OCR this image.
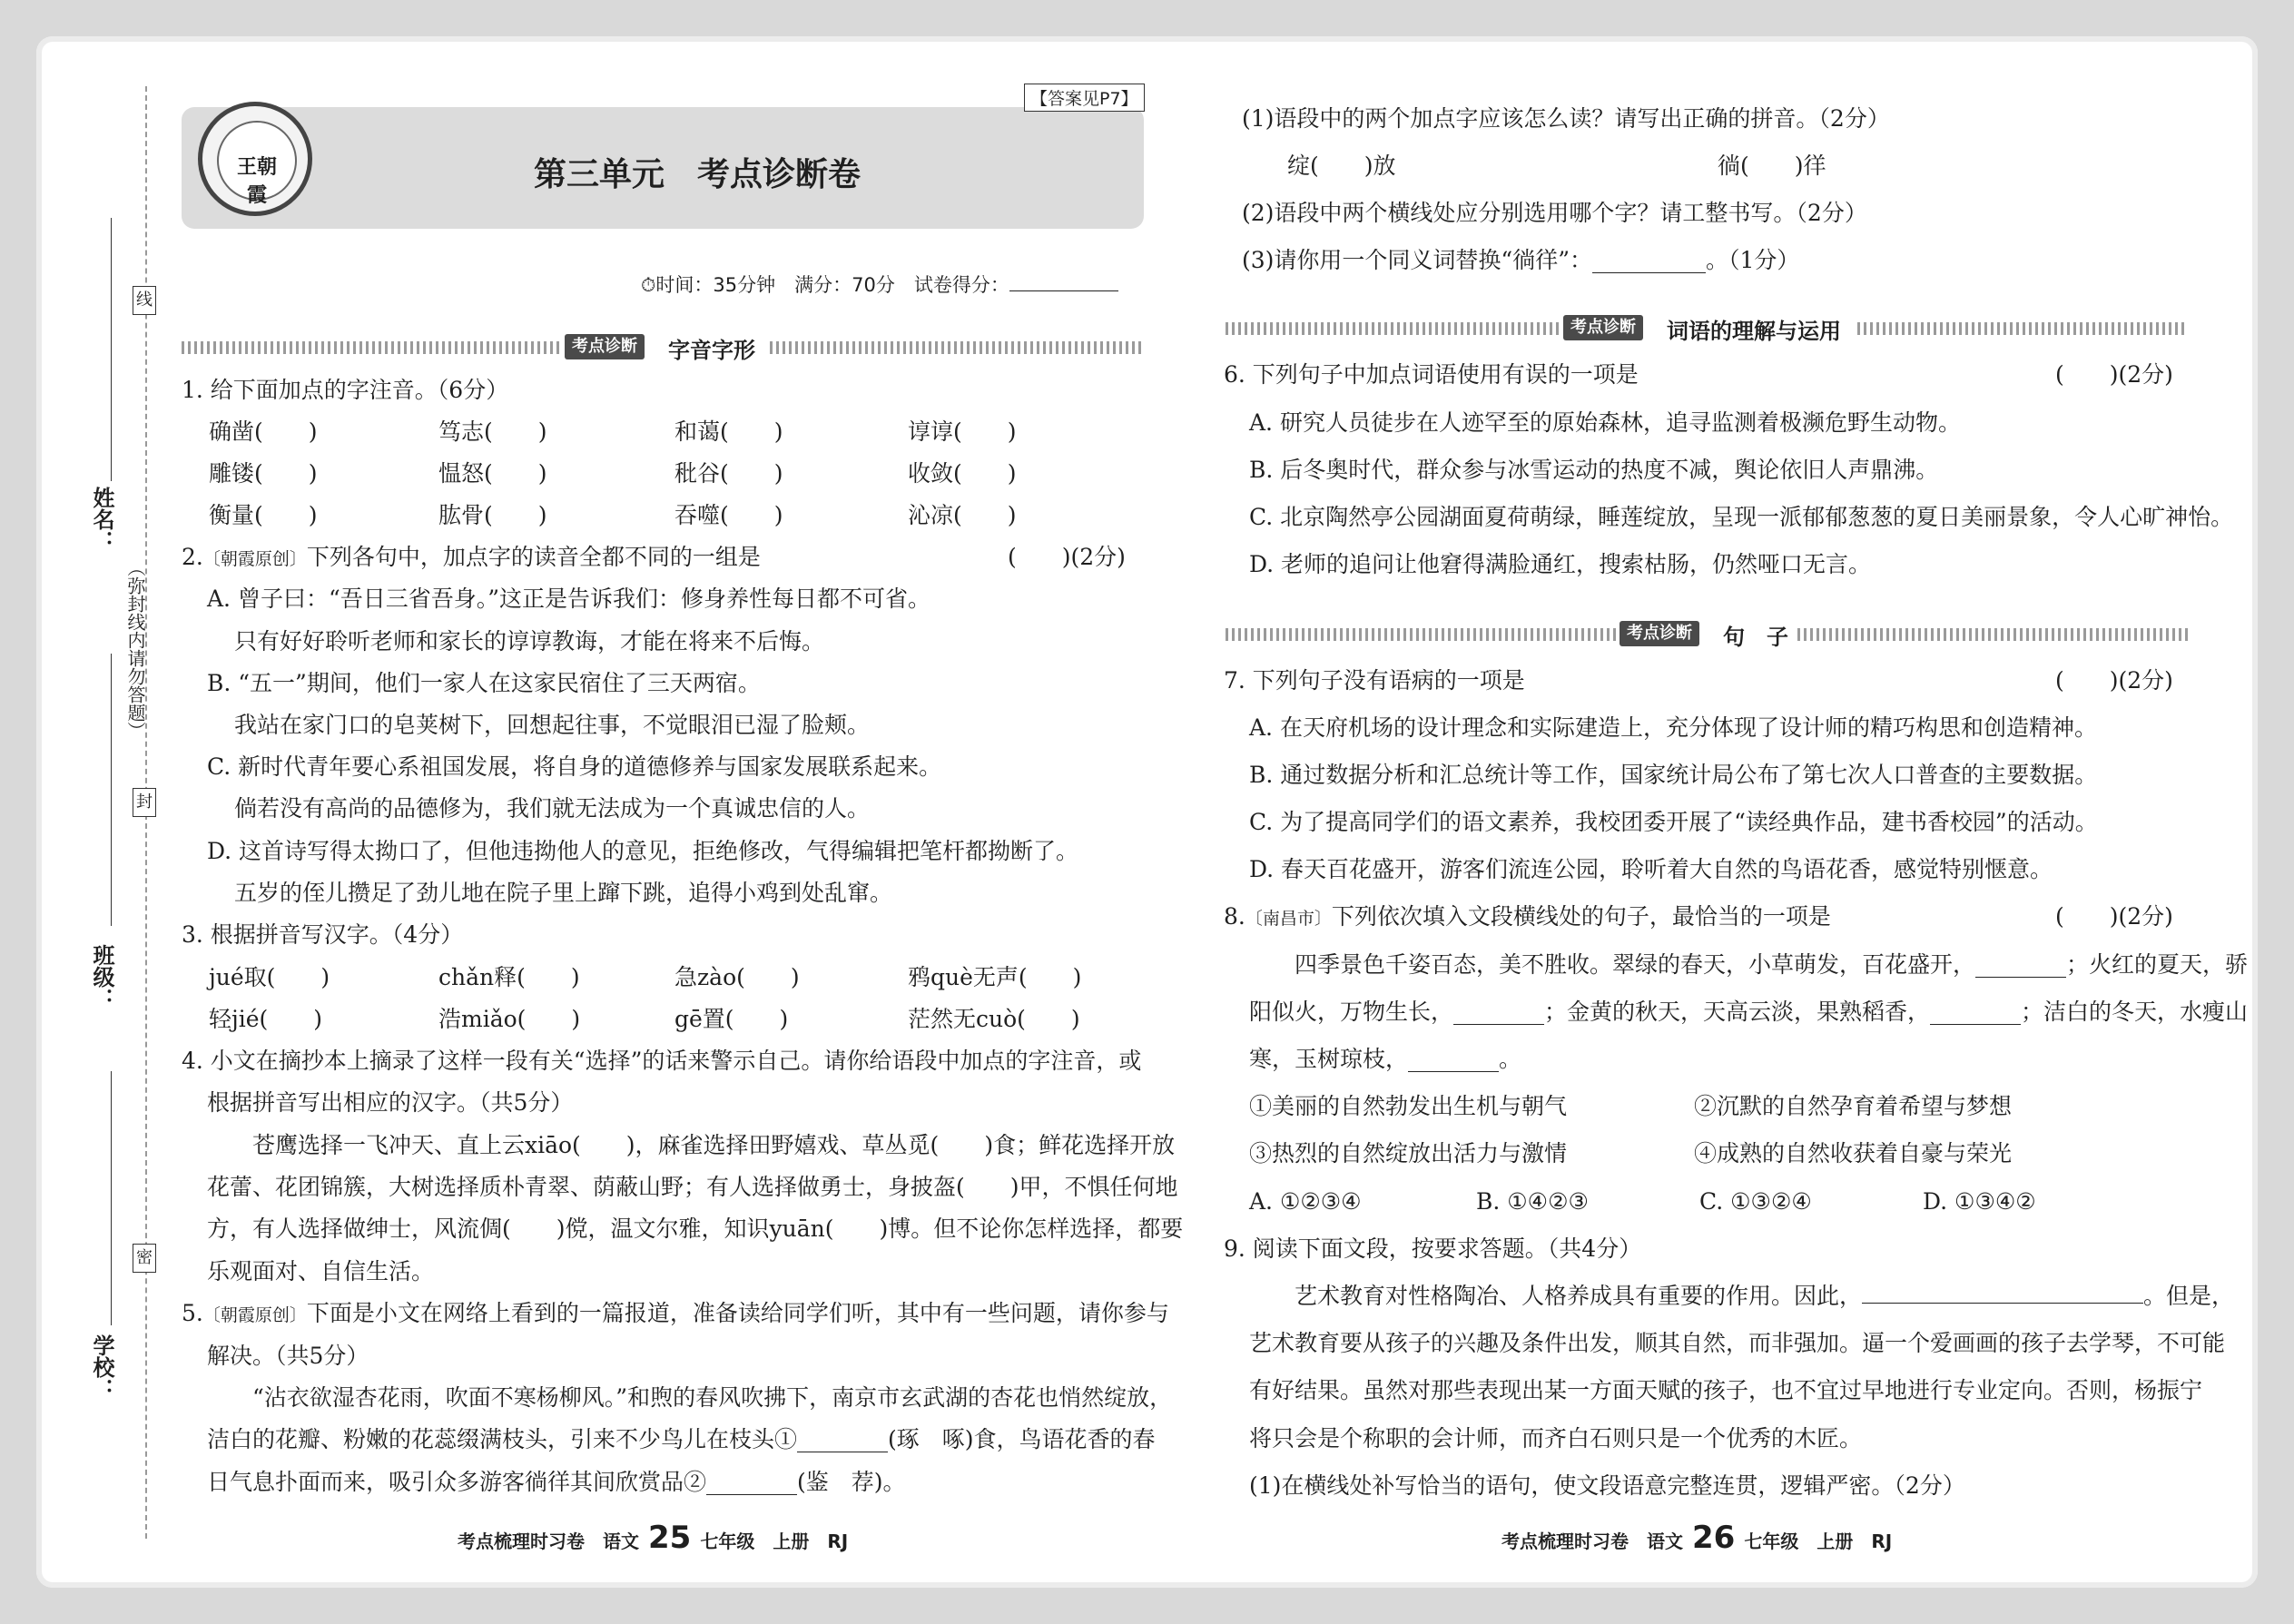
线
封
密
（弥封线内请勿答题）
姓名：
班级：
学校：
王朝霞
【答案见P7】
第三单元　考点诊断卷
⏱时间：35分钟　满分：70分　试卷得分：
考点诊断	字音字形
1. 给下面加点的字注音。（6分）
确凿(　　)	笃志(　　)	和蔼(　　)	谆谆(　　)
雕镂(　　)	愠怒(　　)	秕谷(　　)	收敛(　　)
衡量(　　)	肱骨(　　)	吞噬(　　)	沁凉(　　)
2.〔朝霞原创〕下列各句中，加点字的读音全都不同的一组是	(　　)(2分)
A. 曾子曰：“吾日三省吾身。”这正是告诉我们：修身养性每日都不可省。
只有好好聆听老师和家长的谆谆教诲，才能在将来不后悔。
B. “五一”期间，他们一家人在这家民宿住了三天两宿。
我站在家门口的皂荚树下，回想起往事，不觉眼泪已湿了脸颊。
C. 新时代青年要心系祖国发展，将自身的道德修养与国家发展联系起来。
倘若没有高尚的品德修为，我们就无法成为一个真诚忠信的人。
D. 这首诗写得太拗口了，但他违拗他人的意见，拒绝修改，气得编辑把笔杆都拗断了。
五岁的侄儿攒足了劲儿地在院子里上蹿下跳，追得小鸡到处乱窜。
3. 根据拼音写汉字。（4分）
jué取(　　)	chǎn释(　　)	急zào(　　)	鸦què无声(　　)
轻jié(　　)	浩miǎo(　　)	gē置(　　)	茫然无cuò(　　)
4. 小文在摘抄本上摘录了这样一段有关“选择”的话来警示自己。请你给语段中加点的字注音，或
根据拼音写出相应的汉字。（共5分）
苍鹰选择一飞冲天、直上云xiāo(　　)，麻雀选择田野嬉戏、草丛觅(　　)食；鲜花选择开放
花蕾、花团锦簇，大树选择质朴青翠、荫蔽山野；有人选择做勇士，身披盔(　　)甲，不惧任何地
方，有人选择做绅士，风流倜(　　)傥，温文尔雅，知识yuān(　　)博。但不论你怎样选择，都要
乐观面对、自信生活。
5.〔朝霞原创〕下面是小文在网络上看到的一篇报道，准备读给同学们听，其中有一些问题，请你参与
解决。（共5分）
“沾衣欲湿杏花雨，吹面不寒杨柳风。”和煦的春风吹拂下，南京市玄武湖的杏花也悄然绽放，
洁白的花瓣、粉嫩的花蕊缀满枝头，引来不少鸟儿在枝头①________(琢　啄)食，鸟语花香的春
日气息扑面而来，吸引众多游客徜徉其间欣赏品②________(鉴　荐)。
考点梳理时习卷　语文 25 七年级　上册　RJ
(1)语段中的两个加点字应该怎么读？请写出正确的拼音。（2分）
绽(　　)放	徜(　　)徉
(2)语段中两个横线处应分别选用哪个字？请工整书写。（2分）
(3)请你用一个同义词替换“徜徉”：__________。（1分）
考点诊断	词语的理解与运用
6. 下列句子中加点词语使用有误的一项是	(　　)(2分)
A. 研究人员徒步在人迹罕至的原始森林，追寻监测着极濒危野生动物。
B. 后冬奥时代，群众参与冰雪运动的热度不减，舆论依旧人声鼎沸。
C. 北京陶然亭公园湖面夏荷萌绿，睡莲绽放，呈现一派郁郁葱葱的夏日美丽景象，令人心旷神怡。
D. 老师的追问让他窘得满脸通红，搜索枯肠，仍然哑口无言。
考点诊断	句　子
7. 下列句子没有语病的一项是	(　　)(2分)
A. 在天府机场的设计理念和实际建造上，充分体现了设计师的精巧构思和创造精神。
B. 通过数据分析和汇总统计等工作，国家统计局公布了第七次人口普查的主要数据。
C. 为了提高同学们的语文素养，我校团委开展了“读经典作品，建书香校园”的活动。
D. 春天百花盛开，游客们流连公园，聆听着大自然的鸟语花香，感觉特别惬意。
8.〔南昌市〕下列依次填入文段横线处的句子，最恰当的一项是	(　　)(2分)
四季景色千姿百态，美不胜收。翠绿的春天，小草萌发，百花盛开，________；火红的夏天，骄
阳似火，万物生长，________；金黄的秋天，天高云淡，果熟稻香，________；洁白的冬天，水瘦山
寒，玉树琼枝，________。
①美丽的自然勃发出生机与朝气	②沉默的自然孕育着希望与梦想
③热烈的自然绽放出活力与激情	④成熟的自然收获着自豪与荣光
A. ①②③④	B. ①④②③	C. ①③②④	D. ①③④②
9. 阅读下面文段，按要求答题。（共4分）
艺术教育对性格陶冶、人格养成具有重要的作用。因此，	。但是，
艺术教育要从孩子的兴趣及条件出发，顺其自然，而非强加。逼一个爱画画的孩子去学琴，不可能
有好结果。虽然对那些表现出某一方面天赋的孩子，也不宜过早地进行专业定向。否则，杨振宁
将只会是个称职的会计师，而齐白石则只是一个优秀的木匠。
(1)在横线处补写恰当的语句，使文段语意完整连贯，逻辑严密。（2分）
考点梳理时习卷　语文 26 七年级　上册　RJ
